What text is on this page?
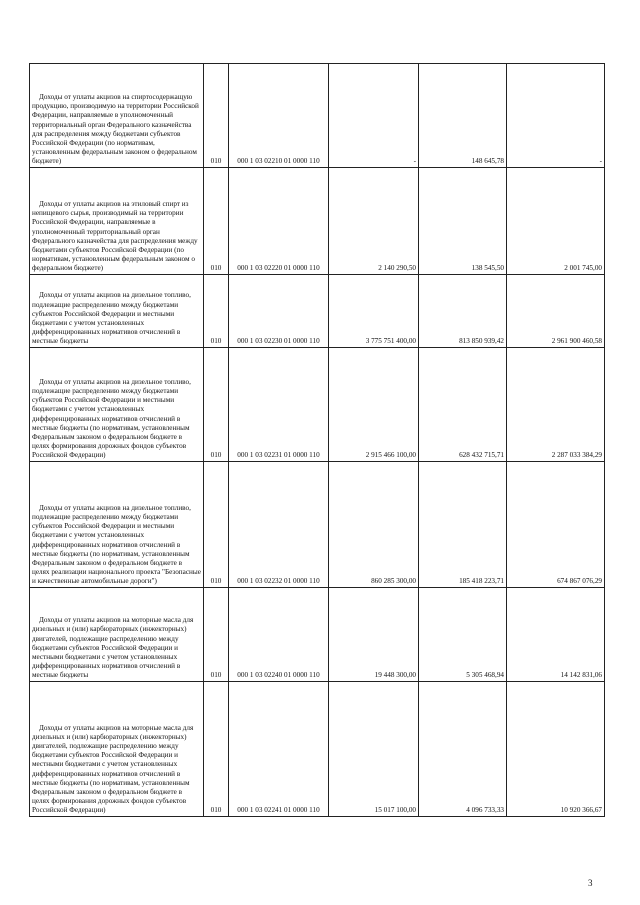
Доходы от уплаты акцизов на спиртосодержащую продукцию, производимую на территории Российской Федерации, направляемые в уполномоченный территориальный орган Федерального казначейства для распределения между бюджетами субъектов Российской Федерации (по нормативам, установленным федеральным законом о федеральном бюджете)	010	000 1 03 02210 01 0000 110	-	148 645,78	-
Доходы от уплаты акцизов на этиловый спирт из непищевого сырья, производимый на территории Российской Федерации, направляемые в уполномоченный территориальный орган Федерального казначейства для распределения между бюджетами субъектов Российской Федерации (по нормативам, установленным федеральным законом о федеральном бюджете)	010	000 1 03 02220 01 0000 110	2 140 290,50	138 545,50	2 001 745,00
Доходы от уплаты акцизов на дизельное топливо, подлежащие распределению между бюджетами субъектов Российской Федерации и местными бюджетами с учетом установленных дифференцированных нормативов отчислений в местные бюджеты	010	000 1 03 02230 01 0000 110	3 775 751 400,00	813 850 939,42	2 961 900 460,58
Доходы от уплаты акцизов на дизельное топливо, подлежащие распределению между бюджетами субъектов Российской Федерации и местными бюджетами с учетом установленных дифференцированных нормативов отчислений в местные бюджеты (по нормативам, установленным Федеральным законом о федеральном бюджете в целях формирования дорожных фондов субъектов Российской Федерации)	010	000 1 03 02231 01 0000 110	2 915 466 100,00	628 432 715,71	2 287 033 384,29
Доходы от уплаты акцизов на дизельное топливо, подлежащие распределению между бюджетами субъектов Российской Федерации и местными бюджетами с учетом установленных дифференцированных нормативов отчислений в местные бюджеты (по нормативам, установленным Федеральным законом о федеральном бюджете в целях реализации национального проекта "Безопасные и качественные автомобильные дороги")	010	000 1 03 02232 01 0000 110	860 285 300,00	185 418 223,71	674 867 076,29
Доходы от уплаты акцизов на моторные масла для дизельных и (или) карбюраторных (инжекторных) двигателей, подлежащие распределению между бюджетами субъектов Российской Федерации и местными бюджетами с учетом установленных дифференцированных нормативов отчислений в местные бюджеты	010	000 1 03 02240 01 0000 110	19 448 300,00	5 305 468,94	14 142 831,06
Доходы от уплаты акцизов на моторные масла для дизельных и (или) карбюраторных (инжекторных) двигателей, подлежащие распределению между бюджетами субъектов Российской Федерации и местными бюджетами с учетом установленных дифференцированных нормативов отчислений в местные бюджеты (по нормативам, установленным Федеральным законом о федеральном бюджете в целях формирования дорожных фондов субъектов Российской Федерации)	010	000 1 03 02241 01 0000 110	15 017 100,00	4 096 733,33	10 920 366,67
3
